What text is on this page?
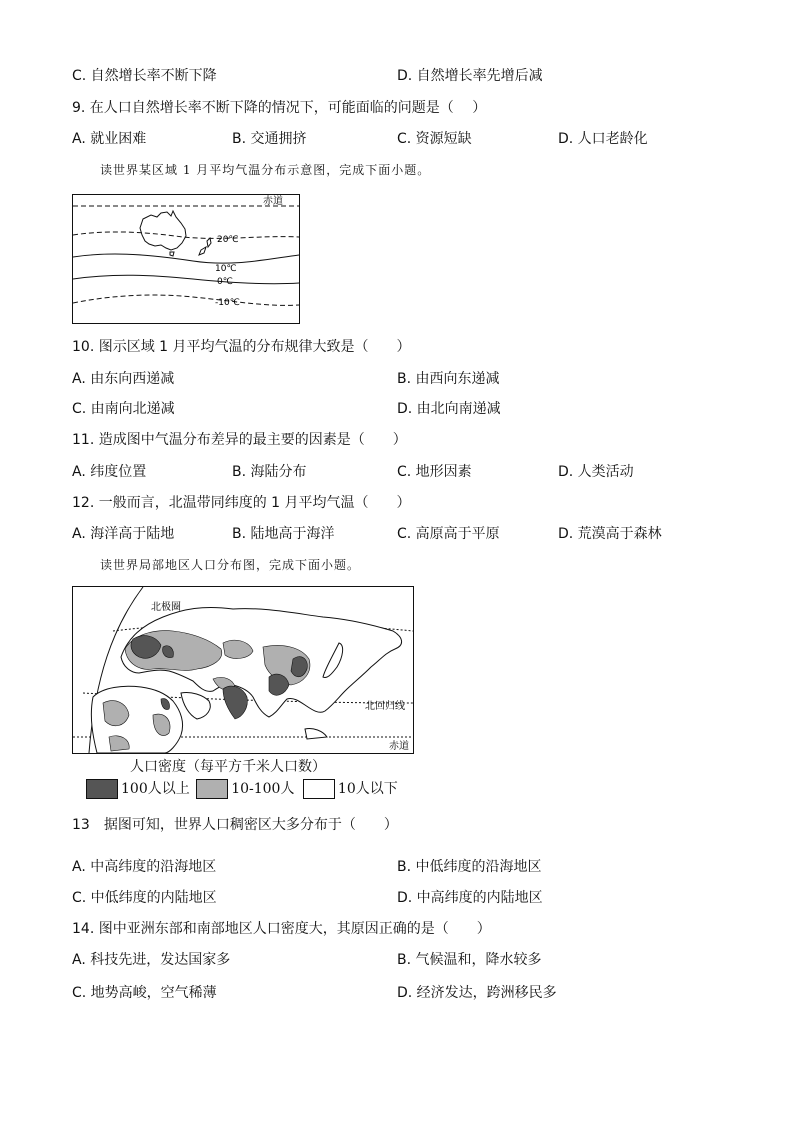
C. 自然增长率不断下降	D. 自然增长率先增后减
9. 在人口自然增长率不断下降的情况下，可能面临的问题是（　 ）
A. 就业困难	B. 交通拥挤	C. 资源短缺	D. 人口老龄化
读世界某区域 1 月平均气温分布示意图，完成下面小题。
赤道
20℃
10℃
0℃
-10℃
10. 图示区域 1 月平均气温的分布规律大致是（　　）
A. 由东向西递减	B. 由西向东递减
C. 由南向北递减	D. 由北向南递减
11. 造成图中气温分布差异的最主要的因素是（　　）
A. 纬度位置	B. 海陆分布	C. 地形因素	D. 人类活动
12. 一般而言，北温带同纬度的 1 月平均气温（　　）
A. 海洋高于陆地	B. 陆地高于海洋	C. 高原高于平原	D. 荒漠高于森林
读世界局部地区人口分布图，完成下面小题。
北极圈
北回归线
赤道
人口密度（每平方千米人口数）
100人以上	10-100人	10人以下
13　据图可知，世界人口稠密区大多分布于（　　）
A. 中高纬度的沿海地区	B. 中低纬度的沿海地区
C. 中低纬度的内陆地区	D. 中高纬度的内陆地区
14. 图中亚洲东部和南部地区人口密度大，其原因正确的是（　　）
A. 科技先进，发达国家多	B. 气候温和，降水较多
C. 地势高峻，空气稀薄	D. 经济发达，跨洲移民多
